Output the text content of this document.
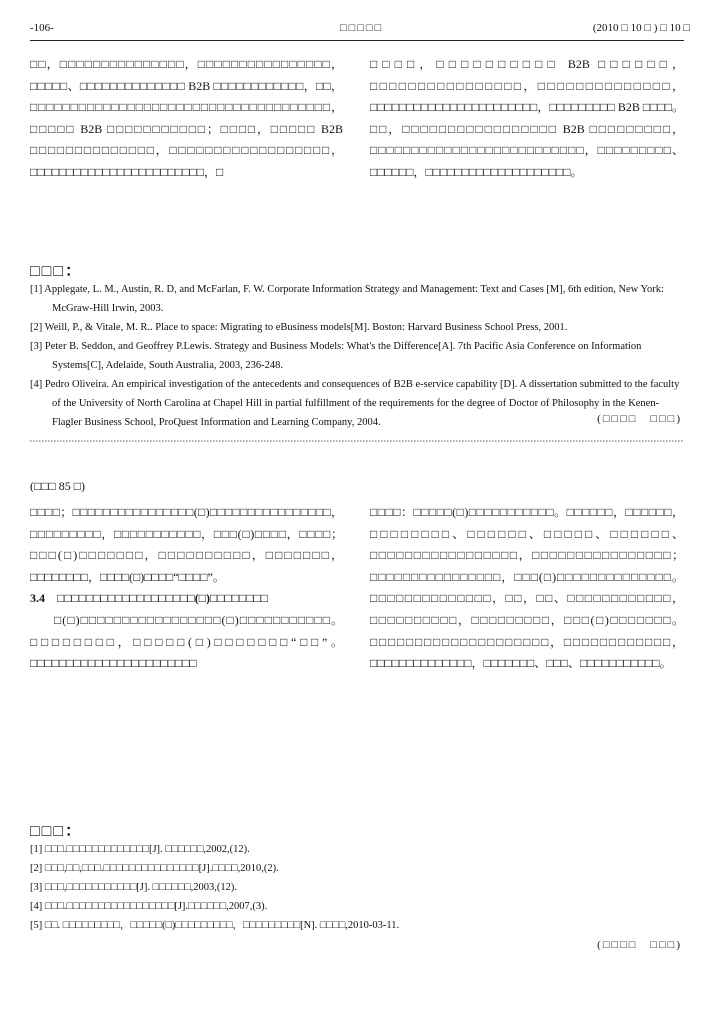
-106-	□□□□□	(2010 □ 10 □ ) □ 10 □

□□，□□□□□□□□□□□□□□□，□□□□□□□□□□□□□□□□，□□□□□、□□□□□□□□□□□□□□ B2B □□□□□□□□□□□□，□□，□□□□□□□□□□□□□□□□□□□□□□□□□□□□□□□□□□□□□，□□□□□ B2B □□□□□□□□□□□；□□□□，□□□□□ B2B □□□□□□□□□□□□□□，□□□□□□□□□□□□□□□□□□，□□□□□□□□□□□□□□□□□□□□□□□□，□

□□□□，□□□□□□□□□□ B2B □□□□□□，□□□□□□□□□□□□□□□□，□□□□□□□□□□□□□□，□□□□□□□□□□□□□□□□□□□□□□□，□□□□□□□□□ B2B □□□□。□□，□□□□□□□□□□□□□□□□□ B2B □□□□□□□□□，□□□□□□□□□□□□□□□□□□□□□□□□□□，□□□□□□□□□、□□□□□□，□□□□□□□□□□□□□□□□□□□□。

□□□：

[1] Applegate, L. M., Austin, R. D, and McFarlan, F. W. Corporate Information Strategy and Management: Text and Cases [M], 6th edition, New York: McGraw-Hill Irwin, 2003.

[2] Weill, P., & Vitale, M. R.. Place to space: Migrating to eBusiness models[M]. Boston: Harvard Business School Press, 2001.

[3] Peter B. Seddon, and Geoffrey P.Lewis. Strategy and Business Models: What's the Difference[A]. 7th Pacific Asia Conference on Information Systems[C], Adelaide, South Australia, 2003, 236-248.

[4] Pedro Oliveira. An empirical investigation of the antecedents and consequences of B2B e-service capability [D]. A dissertation submitted to the faculty of the University of North Carolina at Chapel Hill in partial fulfillment of the requirements for the degree of Doctor of Philosophy in the Kenen-Flagler Business School, ProQuest Information and Learning Company, 2004.	(□□□□　□□□)
(□□□ 85 □)

□□□□；□□□□□□□□□□□□□□□□(□)□□□□□□□□□□□□□□□□，□□□□□□□□□，□□□□□□□□□□□，□□□(□)□□□□，□□□□；□□□(□)□□□□□□□，□□□□□□□□□□，□□□□□□□，□□□□□□□□，□□□□(□)□□□□“□□□□”。

3.4　□□□□□□□□□□□□□□□□□□□(□)□□□□□□□□

□(□)□□□□□□□□□□□□□□□□□(□)□□□□□□□□□□□。□□□□□□□□，□□□□□(□)□□□□□□□“□□”。□□□□□□□□□□□□□□□□□□□□□□□

□□□□：□□□□□(□)□□□□□□□□□□□。□□□□□□，□□□□□□，□□□□□□□□、□□□□□□、□□□□□、□□□□□□、□□□□□□□□□□□□□□□□□，□□□□□□□□□□□□□□□□；□□□□□□□□□□□□□□□□，□□□(□)□□□□□□□□□□□□□□。□□□□□□□□□□□□□□，□□，□□、□□□□□□□□□□□□，□□□□□□□□□□，□□□□□□□□□，□□□(□)□□□□□□□。□□□□□□□□□□□□□□□□□□□□，□□□□□□□□□□□□，□□□□□□□□□□□□□□，□□□□□□□、□□□、□□□□□□□□□□□。

□□□：

[1] □□□.□□□□□□□□□□□□□[J]. □□□□□□,2002,(12).

[2] □□□,□□,□□□.□□□□□□□□□□□□□□□[J].□□□□,2010,(2).

[3] □□□,□□□□□□□□□□□[J]. □□□□□□,2003,(12).

[4] □□□.□□□□□□□□□□□□□□□□□[J].□□□□□□,2007,(3).

[5] □□. □□□□□□□□□，□□□□□(□)□□□□□□□□□，□□□□□□□□□[N]. □□□□,2010-03-11.

(□□□□　□□□)
